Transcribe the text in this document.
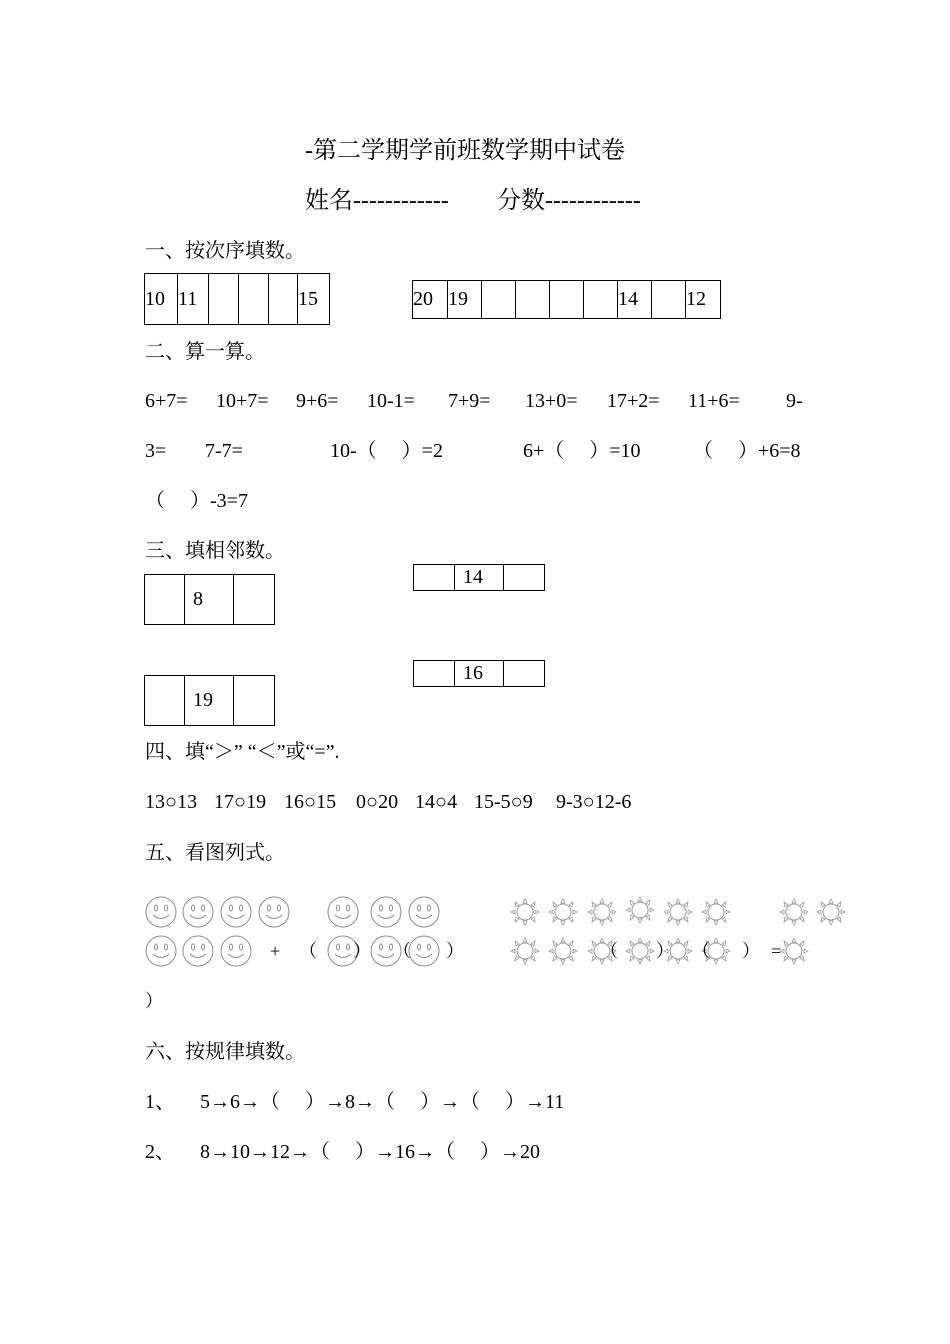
-第二学期学前班数学期中试卷
姓名------------ 分数------------
一、按次序填数。
10	11				15	20	19					14		12
二、算一算。
6+7= 10+7= 9+6= 10-1= 7+9= 13+0= 17+2= 11+6= 9-
3= 7-7=	10-（　 ）=2	6+（　 ）=10	（　 ）+6=8
（　 ）-3=7
三、填相邻数。
	8	
	14	
	19	
	16	
四、填“＞” “＜”或“=”.
13○13 17○19 16○15 0○20 14○4 15-5○9 9-3○12-6
五、看图列式。
+ （ ） （ ）	（ ） （ ） =
）
六、按规律填数。
1、 5→6→（　 ）→8→（　 ）→（　 ）→11
2、 8→10→12→（　 ）→16→（　 ）→20
